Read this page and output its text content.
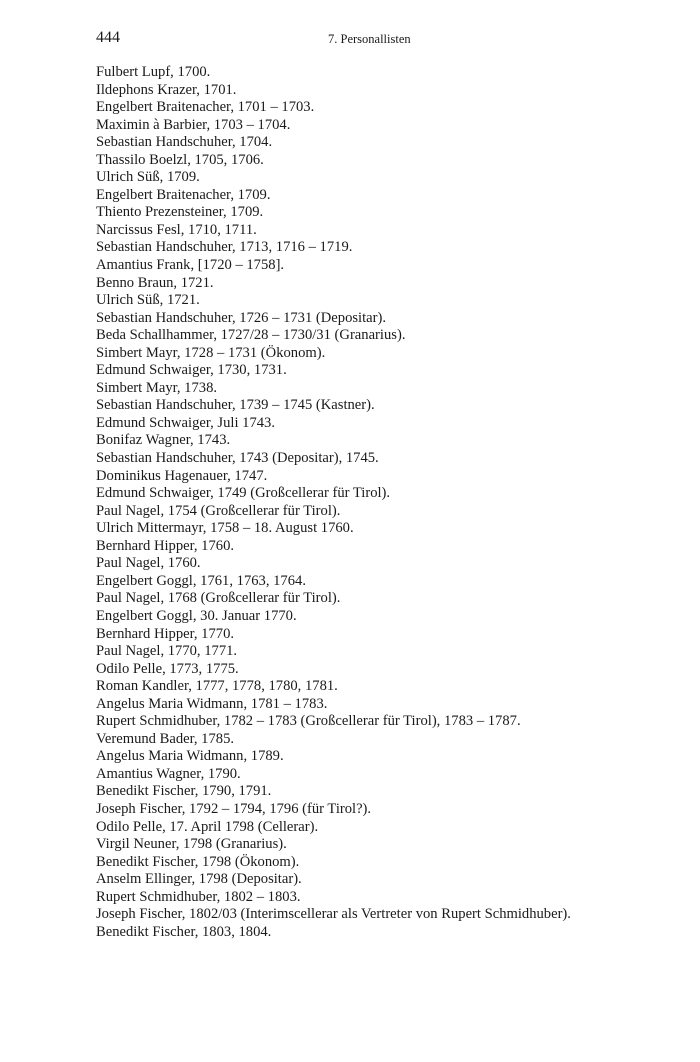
444	7. Personallisten
Fulbert Lupf, 1700.
Ildephons Krazer, 1701.
Engelbert Braitenacher, 1701 – 1703.
Maximin à Barbier, 1703 – 1704.
Sebastian Handschuher, 1704.
Thassilo Boelzl, 1705, 1706.
Ulrich Süß, 1709.
Engelbert Braitenacher, 1709.
Thiento Prezensteiner, 1709.
Narcissus Fesl, 1710, 1711.
Sebastian Handschuher, 1713, 1716 – 1719.
Amantius Frank, [1720 – 1758].
Benno Braun, 1721.
Ulrich Süß, 1721.
Sebastian Handschuher, 1726 – 1731 (Depositar).
Beda Schallhammer, 1727/28 – 1730/31 (Granarius).
Simbert Mayr, 1728 – 1731 (Ökonom).
Edmund Schwaiger, 1730, 1731.
Simbert Mayr, 1738.
Sebastian Handschuher, 1739 – 1745 (Kastner).
Edmund Schwaiger, Juli 1743.
Bonifaz Wagner, 1743.
Sebastian Handschuher, 1743 (Depositar), 1745.
Dominikus Hagenauer, 1747.
Edmund Schwaiger, 1749 (Großcellerar für Tirol).
Paul Nagel, 1754 (Großcellerar für Tirol).
Ulrich Mittermayr, 1758 – 18. August 1760.
Bernhard Hipper, 1760.
Paul Nagel, 1760.
Engelbert Goggl, 1761, 1763, 1764.
Paul Nagel, 1768 (Großcellerar für Tirol).
Engelbert Goggl, 30. Januar 1770.
Bernhard Hipper, 1770.
Paul Nagel, 1770, 1771.
Odilo Pelle, 1773, 1775.
Roman Kandler, 1777, 1778, 1780, 1781.
Angelus Maria Widmann, 1781 – 1783.
Rupert Schmidhuber, 1782 – 1783 (Großcellerar für Tirol), 1783 – 1787.
Veremund Bader, 1785.
Angelus Maria Widmann, 1789.
Amantius Wagner, 1790.
Benedikt Fischer, 1790, 1791.
Joseph Fischer, 1792 – 1794, 1796 (für Tirol?).
Odilo Pelle, 17. April 1798 (Cellerar).
Virgil Neuner, 1798 (Granarius).
Benedikt Fischer, 1798 (Ökonom).
Anselm Ellinger, 1798 (Depositar).
Rupert Schmidhuber, 1802 – 1803.
Joseph Fischer, 1802/03 (Interimscellerar als Vertreter von Rupert Schmidhuber).
Benedikt Fischer, 1803, 1804.
